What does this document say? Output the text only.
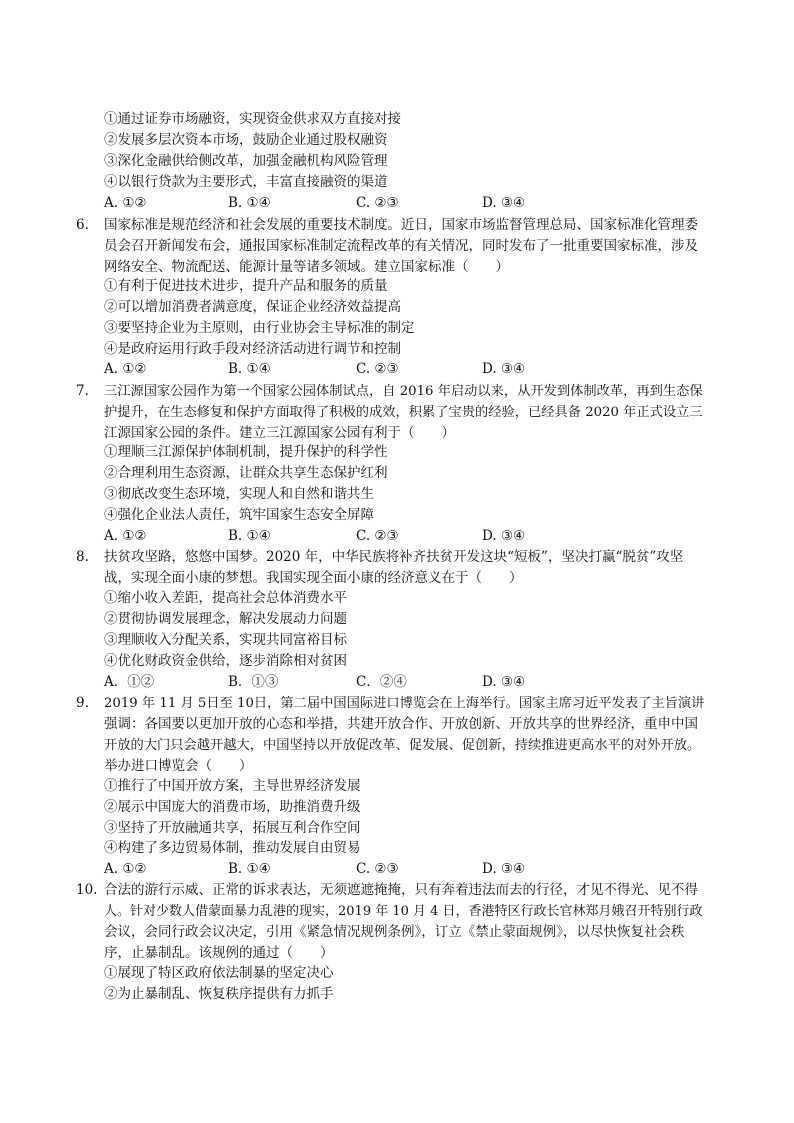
①通过证券市场融资，实现资金供求双方直接对接
②发展多层次资本市场，鼓励企业通过股权融资
③深化金融供给侧改革，加强金融机构风险管理
④以银行贷款为主要形式，丰富直接融资的渠道
A. ①②	B. ①④	C. ②③	D. ③④
6. 国家标准是规范经济和社会发展的重要技术制度。近日，国家市场监督管理总局、国家标准化管理委
员会召开新闻发布会，通报国家标准制定流程改革的有关情况，同时发布了一批重要国家标准，涉及
网络安全、物流配送、能源计量等诸多领域。建立国家标准（　　）
①有利于促进技术进步，提升产品和服务的质量
②可以增加消费者满意度，保证企业经济效益提高
③要坚持企业为主原则，由行业协会主导标准的制定
④是政府运用行政手段对经济活动进行调节和控制
A. ①②	B. ①④	C. ②③	D. ③④
7. 三江源国家公园作为第一个国家公园体制试点，自 2016 年启动以来，从开发到体制改革，再到生态保
护提升，在生态修复和保护方面取得了积极的成效，积累了宝贵的经验，已经具备 2020 年正式设立三
江源国家公园的条件。建立三江源国家公园有利于（　　）
①理顺三江源保护体制机制，提升保护的科学性
②合理利用生态资源，让群众共享生态保护红利
③彻底改变生态环境，实现人和自然和谐共生
④强化企业法人责任，筑牢国家生态安全屏障
A. ①②	B. ①④	C. ②③	D. ③④
8. 扶贫攻坚路，悠悠中国梦。2020 年，中华民族将补齐扶贫开发这块“短板”，坚决打赢“脱贫”攻坚
战，实现全面小康的梦想。我国实现全面小康的经济意义在于（　　）
①缩小收入差距，提高社会总体消费水平
②贯彻协调发展理念，解决发展动力问题
③理顺收入分配关系，实现共同富裕目标
④优化财政资金供给，逐步消除相对贫困
A．①②	B．①③	C．②④	D. ③④
9. 2019 年 11 月 5日至 10日，第二届中国国际进口博览会在上海举行。国家主席习近平发表了主旨演讲
强调：各国要以更加开放的心态和举措，共建开放合作、开放创新、开放共享的世界经济，重申中国
开放的大门只会越开越大，中国坚持以开放促改革、促发展、促创新，持续推进更高水平的对外开放。
举办进口博览会（　　）
①推行了中国开放方案，主导世界经济发展
②展示中国庞大的消费市场，助推消费升级
③坚持了开放融通共享，拓展互利合作空间
④构建了多边贸易体制，推动发展自由贸易
A. ①②	B. ①④	C. ②③	D. ③④
10. 合法的游行示威、正常的诉求表达，无须遮遮掩掩，只有奔着违法而去的行径，才见不得光、见不得
人。针对少数人借蒙面暴力乱港的现实，2019 年 10 月 4 日，香港特区行政长官林郑月娥召开特别行政
会议，会同行政会议决定，引用《紧急情况规例条例》，订立《禁止蒙面规例》，以尽快恢复社会秩
序，止暴制乱。该规例的通过（　　）
①展现了特区政府依法制暴的坚定决心
②为止暴制乱、恢复秩序提供有力抓手
